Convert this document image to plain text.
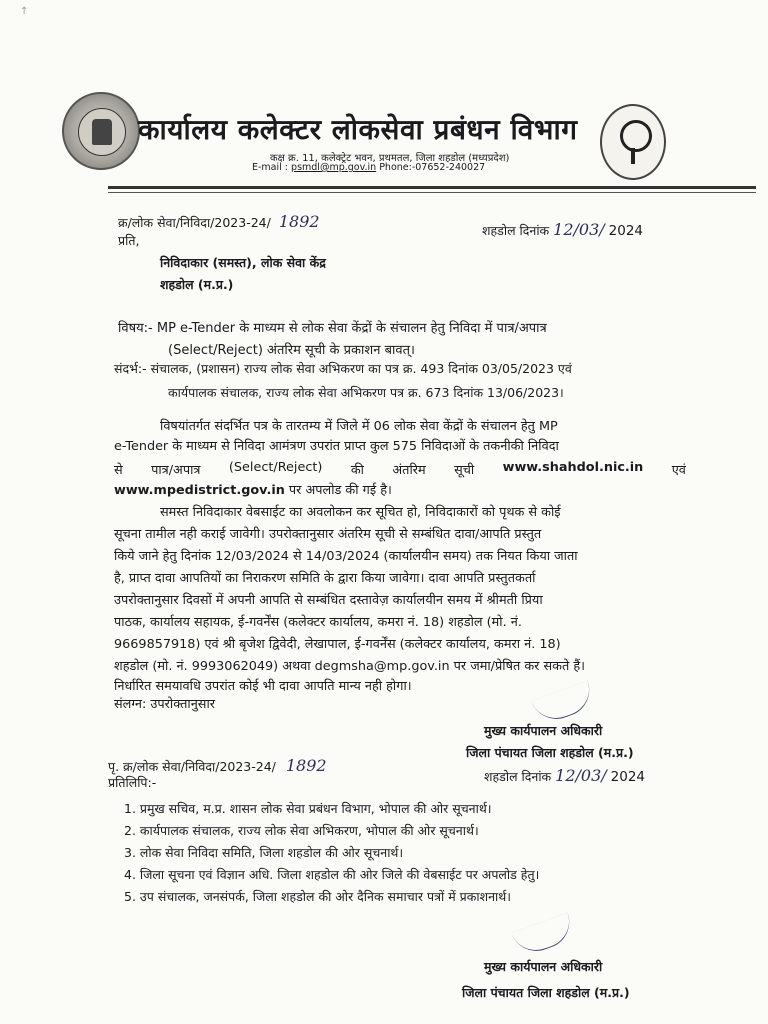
↑
कार्यालय कलेक्टर लोकसेवा प्रबंधन विभाग
कक्ष क्र. 11, कलेक्ट्रेट भवन, प्रथमतल, जिला शहडोल (मध्यप्रदेश)
E-mail : psmdl@mp.gov.in Phone:-07652-240027
क्र/लोक सेवा/निविदा/2023-24/ 1892	शहडोल दिनांक 12/03/ 2024
प्रति,
निविदाकार (समस्त), लोक सेवा केंद्र
शहडोल (म.प्र.)
विषय:- MP e-Tender के माध्यम से लोक सेवा केंद्रों के संचालन हेतु निविदा में पात्र/अपात्र
(Select/Reject) अंतरिम सूची के प्रकाशन बावत्।
संदर्भ:- संचालक, (प्रशासन) राज्य लोक सेवा अभिकरण का पत्र क्र. 493 दिनांक 03/05/2023 एवं
कार्यपालक संचालक, राज्य लोक सेवा अभिकरण पत्र क्र. 673 दिनांक 13/06/2023।
विषयांतर्गत संदर्भित पत्र के तारतम्य में जिले में 06 लोक सेवा केंद्रों के संचालन हेतु MP
e-Tender के माध्यम से निविदा आमंत्रण उपरांत प्राप्त कुल 575 निविदाओं के तकनीकी निविदा
से पात्र/अपात्र (Select/Reject) की अंतरिम सूची www.shahdol.nic.in एवं
www.mpedistrict.gov.in पर अपलोड की गई है।
समस्त निविदाकार वेबसाईट का अवलोकन कर सूचित हो, निविदाकारों को पृथक से कोई
सूचना तामील नही कराई जावेगी। उपरोक्तानुसार अंतरिम सूची से सम्बंधित दावा/आपति प्रस्तुत
किये जाने हेतु दिनांक 12/03/2024 से 14/03/2024 (कार्यालयीन समय) तक नियत किया जाता
है, प्राप्त दावा आपतियों का निराकरण समिति के द्वारा किया जावेगा। दावा आपति प्रस्तुतकर्ता
उपरोक्तानुसार दिवसों में अपनी आपति से सम्बंधित दस्तावेज़ कार्यालयीन समय में श्रीमती प्रिया
पाठक, कार्यालय सहायक, ई-गवर्नेंस (कलेक्टर कार्यालय, कमरा नं. 18) शहडोल (मो. नं.
9669857918) एवं श्री बृजेश द्विवेदी, लेखापाल, ई-गवर्नेंस (कलेक्टर कार्यालय, कमरा नं. 18)
शहडोल (मो. नं. 9993062049) अथवा degmsha@mp.gov.in पर जमा/प्रेषित कर सकते हैं।
निर्धारित समयावधि उपरांत कोई भी दावा आपति मान्य नही होगा।
संलग्न: उपरोक्तानुसार
मुख्य कार्यपालन अधिकारी
जिला पंचायत जिला शहडोल (म.प्र.)
पृ. क्र/लोक सेवा/निविदा/2023-24/ 1892
शहडोल दिनांक 12/03/ 2024
प्रतिलिपि:-
1. प्रमुख सचिव, म.प्र. शासन लोक सेवा प्रबंधन विभाग, भोपाल की ओर सूचनार्थ।
2. कार्यपालक संचालक, राज्य लोक सेवा अभिकरण, भोपाल की ओर सूचनार्थ।
3. लोक सेवा निविदा समिति, जिला शहडोल की ओर सूचनार्थ।
4. जिला सूचना एवं विज्ञान अधि. जिला शहडोल की ओर जिले की वेबसाईट पर अपलोड हेतु।
5. उप संचालक, जनसंपर्क, जिला शहडोल की ओर दैनिक समाचार पत्रों में प्रकाशनार्थ।
मुख्य कार्यपालन अधिकारी
जिला पंचायत जिला शहडोल (म.प्र.)
